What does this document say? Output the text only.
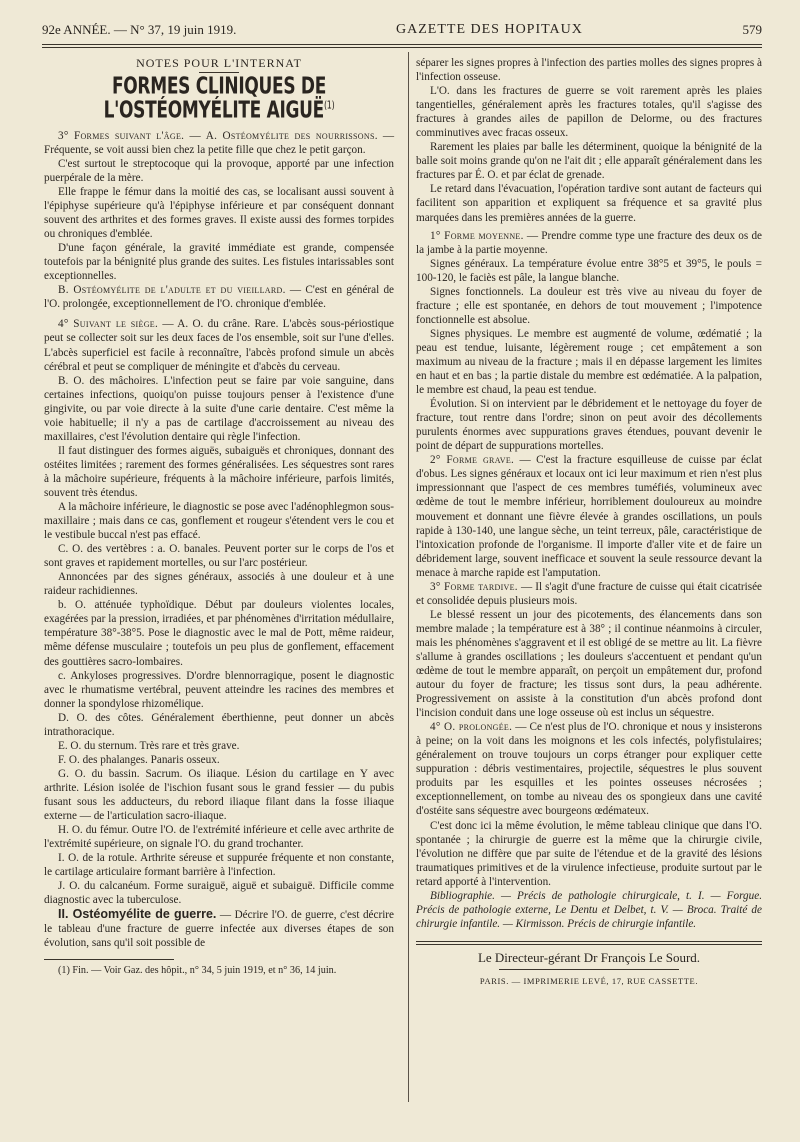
92e ANNÉE. — N° 37, 19 juin 1919.	GAZETTE DES HOPITAUX	579

NOTES POUR L'INTERNAT

FORMES CLINIQUES DE L'OSTÉOMYÉLITE AIGUË$^{(1)}$

3° Formes suivant l'âge. — A. Ostéomyélite des nourrissons. — Fréquente, se voit aussi bien chez la petite fille que chez le petit garçon.

C'est surtout le streptocoque qui la provoque, apporté par une infection puerpérale de la mère.

Elle frappe le fémur dans la moitié des cas, se localisant aussi souvent à l'épiphyse supérieure qu'à l'épiphyse inférieure et par conséquent donnant souvent des arthrites et des formes graves. Il existe aussi des formes torpides ou chroniques d'emblée.

D'une façon générale, la gravité immédiate est grande, compensée toutefois par la bénignité plus grande des suites. Les fistules intarissables sont exceptionnelles.

B. Ostéomyélite de l'adulte et du vieillard. — C'est en général de l'O. prolongée, exceptionnellement de l'O. chronique d'emblée.

4° Suivant le siège. — A. O. du crâne. Rare. L'abcès sous-périostique peut se collecter soit sur les deux faces de l'os ensemble, soit sur l'une d'elles. L'abcès superficiel est facile à reconnaître, l'abcès profond simule un abcès cérébral et peut se compliquer de méningite et d'abcès du cerveau.

B. O. des mâchoires. L'infection peut se faire par voie sanguine, dans certaines infections, quoiqu'on puisse toujours penser à l'existence d'une gingivite, ou par voie directe à la suite d'une carie dentaire. C'est même la voie habituelle; il n'y a pas de cartilage d'accroissement au niveau des maxillaires, c'est l'évolution dentaire qui règle l'infection.

Il faut distinguer des formes aiguës, subaiguës et chroniques, donnant des ostéites limitées ; rarement des formes généralisées. Les séquestres sont rares à la mâchoire supérieure, fréquents à la mâchoire inférieure, parfois limités, souvent très étendus.

A la mâchoire inférieure, le diagnostic se pose avec l'adénophlegmon sous-maxillaire ; mais dans ce cas, gonflement et rougeur s'étendent vers le cou et le vestibule buccal n'est pas effacé.

C. O. des vertèbres : a. O. banales. Peuvent porter sur le corps de l'os et sont graves et rapidement mortelles, ou sur l'arc postérieur.

Annoncées par des signes généraux, associés à une douleur et à une raideur rachidiennes.

b. O. atténuée typhoïdique. Début par douleurs violentes locales, exagérées par la pression, irradiées, et par phénomènes d'irritation médullaire, température 38°-38°5. Pose le diagnostic avec le mal de Pott, même raideur, même défense musculaire ; toutefois un peu plus de gonflement, effacement des gouttières sacro-lombaires.

c. Ankyloses progressives. D'ordre blennorragique, posent le diagnostic avec le rhumatisme vertébral, peuvent atteindre les racines des membres et donner la spondylose rhizomélique.

D. O. des côtes. Généralement éberthienne, peut donner un abcès intrathoracique.

E. O. du sternum. Très rare et très grave.

F. O. des phalanges. Panaris osseux.

G. O. du bassin. Sacrum. Os iliaque. Lésion du cartilage en Y avec arthrite. Lésion isolée de l'ischion fusant sous le grand fessier — du pubis fusant sous les adducteurs, du rebord iliaque filant dans la fosse iliaque externe — de l'articulation sacro-iliaque.

H. O. du fémur. Outre l'O. de l'extrémité inférieure et celle avec arthrite de l'extrémité supérieure, on signale l'O. du grand trochanter.

I. O. de la rotule. Arthrite séreuse et suppurée fréquente et non constante, le cartilage articulaire formant barrière à l'infection.

J. O. du calcanéum. Forme suraiguë, aiguë et subaiguë. Difficile comme diagnostic avec la tuberculose.

II. Ostéomyélite de guerre. — Décrire l'O. de guerre, c'est décrire le tableau d'une fracture de guerre infectée aux diverses étapes de son évolution, sans qu'il soit possible de

(1) Fin. — Voir Gaz. des hôpit., n° 34, 5 juin 1919, et n° 36, 14 juin.

séparer les signes propres à l'infection des parties molles des signes propres à l'infection osseuse.

L'O. dans les fractures de guerre se voit rarement après les plaies tangentielles, généralement après les fractures totales, qu'il s'agisse des fractures à grandes ailes de papillon de Delorme, ou des fractures comminutives avec fracas osseux.

Rarement les plaies par balle les déterminent, quoique la bénignité de la balle soit moins grande qu'on ne l'ait dit ; elle apparaît généralement dans les fractures par É. O. et par éclat de grenade.

Le retard dans l'évacuation, l'opération tardive sont autant de facteurs qui facilitent son apparition et expliquent sa fréquence et sa gravité plus marquées dans les premières années de la guerre.

1° Forme moyenne. — Prendre comme type une fracture des deux os de la jambe à la partie moyenne.

Signes généraux. La température évolue entre 38°5 et 39°5, le pouls = 100-120, le faciès est pâle, la langue blanche.

Signes fonctionnels. La douleur est très vive au niveau du foyer de fracture ; elle est spontanée, en dehors de tout mouvement ; l'impotence fonctionnelle est absolue.

Signes physiques. Le membre est augmenté de volume, œdématié ; la peau est tendue, luisante, légèrement rouge ; cet empâtement a son maximum au niveau de la fracture ; mais il en dépasse largement les limites en haut et en bas ; la partie distale du membre est œdématiée. A la palpation, le membre est chaud, la peau est tendue.

Évolution. Si on intervient par le débridement et le nettoyage du foyer de fracture, tout rentre dans l'ordre; sinon on peut avoir des décollements purulents énormes avec suppurations graves étendues, pouvant devenir le point de départ de suppurations mortelles.

2° Forme grave. — C'est la fracture esquilleuse de cuisse par éclat d'obus. Les signes généraux et locaux ont ici leur maximum et rien n'est plus impressionnant que l'aspect de ces membres tuméfiés, volumineux avec œdème de tout le membre inférieur, horriblement douloureux au moindre mouvement et donnant une fièvre élevée à grandes oscillations, un pouls rapide à 130-140, une langue sèche, un teint terreux, pâle, caractéristique de l'intoxication profonde de l'organisme. Il importe d'aller vite et de faire un débridement large, souvent inefficace et souvent la seule ressource devant la menace à marche rapide est l'amputation.

3° Forme tardive. — Il s'agit d'une fracture de cuisse qui était cicatrisée et consolidée depuis plusieurs mois.

Le blessé ressent un jour des picotements, des élancements dans son membre malade ; la température est à 38° ; il continue néanmoins à circuler, mais les phénomènes s'aggravent et il est obligé de se mettre au lit. La fièvre s'allume à grandes oscillations ; les douleurs s'accentuent et pendant qu'un œdème de tout le membre apparaît, on perçoit un empâtement dur, profond autour du foyer de fracture; les tissus sont durs, la peau adhérente. Progressivement on assiste à la constitution d'un abcès profond dont l'incision conduit dans une loge osseuse où est inclus un séquestre.

4° O. prolongée. — Ce n'est plus de l'O. chronique et nous y insisterons à peine; on la voit dans les moignons et les cols infectés, polyfistulaires; généralement on trouve toujours un corps étranger pour expliquer cette suppuration : débris vestimentaires, projectile, séquestres le plus souvent produits par les esquilles et les pointes osseuses nécrosées ; exceptionnellement, on tombe au niveau des os spongieux dans une cavité d'ostéite sans séquestre avec bourgeons œdémateux.

C'est donc ici la même évolution, le même tableau clinique que dans l'O. spontanée ; la chirurgie de guerre est la même que la chirurgie civile, l'évolution ne diffère que par suite de l'étendue et de la gravité des lésions traumatiques primitives et de la virulence infectieuse, produite surtout par le retard apporté à l'intervention.

Bibliographie. — Précis de pathologie chirurgicale, t. I. — Forgue. Précis de pathologie externe, Le Dentu et Delbet, t. V. — Broca. Traité de chirurgie infantile. — Kirmisson. Précis de chirurgie infantile.

Le Directeur-gérant Dr François Le Sourd.
PARIS. — IMPRIMERIE LEVÉ, 17, RUE CASSETTE.
